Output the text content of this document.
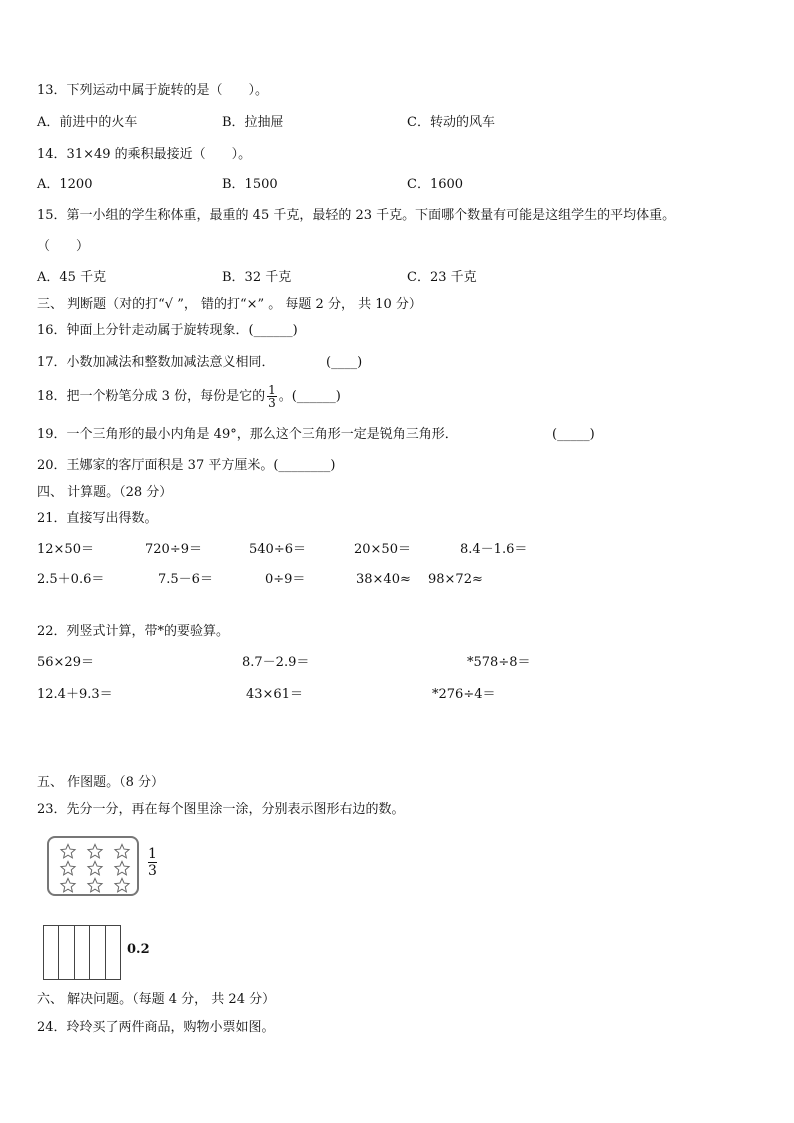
13．下列运动中属于旋转的是（　　）。
A．前进中的火车	B．拉抽屉	C．转动的风车
14．31×49 的乘积最接近（　　）。
A．1200	B．1500	C．1600
15．第一小组的学生称体重，最重的 45 千克，最轻的 23 千克。下面哪个数量有可能是这组学生的平均体重。
（　　）
A．45 千克	B．32 千克	C．23 千克
三、 判断题（对的打“√ ”， 错的打“×” 。 每题 2 分， 共 10 分）
16．钟面上分针走动属于旋转现象．(______)
17．小数加减法和整数加减法意义相同．	(____)
18．把一个粉笔分成 3 份，每份是它的 $\frac{1}{3}$ 。(______)
19．一个三角形的最小内角是 49°，那么这个三角形一定是锐角三角形．	(_____)
20．王娜家的客厅面积是 37 平方厘米。(________)
四、 计算题。（28 分）
21．直接写出得数。
12×50＝	720÷9＝	540÷6＝	20×50＝	8.4－1.6＝
2.5＋0.6＝	7.5－6＝	0÷9＝	38×40≈ 98×72≈
22．列竖式计算，带*的要验算。
56×29＝	8.7－2.9＝	*578÷8＝
12.4＋9.3＝	43×61＝	*276÷4＝
五、 作图题。（8 分）
23．先分一分，再在每个图里涂一涂，分别表示图形右边的数。
$\frac{1}{3}$
0.2
六、 解决问题。（每题 4 分， 共 24 分）
24．玲玲买了两件商品，购物小票如图。
